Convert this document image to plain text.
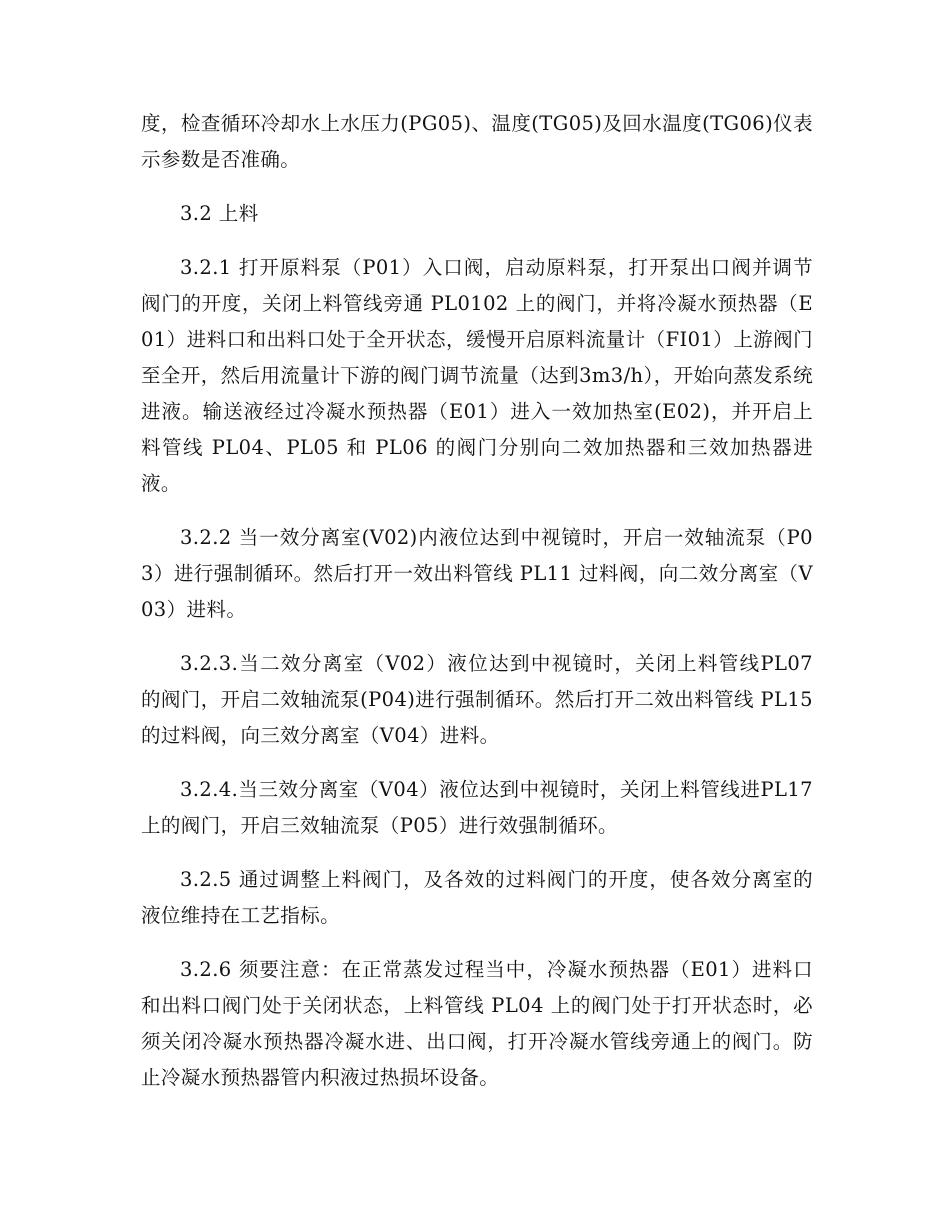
度，检查循环冷却水上水压力(PG05)、温度(TG05)及回水温度(TG06)仪表示参数是否准确。

3.2 上料

3.2.1 打开原料泵（P01）入口阀，启动原料泵，打开泵出口阀并调节阀门的开度，关闭上料管线旁通 PL0102 上的阀门，并将冷凝水预热器（E01）进料口和出料口处于全开状态，缓慢开启原料流量计（FI01）上游阀门至全开，然后用流量计下游的阀门调节流量（达到3m3/h），开始向蒸发系统进液。输送液经过冷凝水预热器（E01）进入一效加热室(E02)，并开启上料管线 PL04、PL05 和 PL06 的阀门分别向二效加热器和三效加热器进液。

3.2.2 当一效分离室(V02)内液位达到中视镜时，开启一效轴流泵（P03）进行强制循环。然后打开一效出料管线 PL11 过料阀，向二效分离室（V03）进料。

3.2.3.当二效分离室（V02）液位达到中视镜时，关闭上料管线PL07 的阀门，开启二效轴流泵(P04)进行强制循环。然后打开二效出料管线 PL15 的过料阀，向三效分离室（V04）进料。

3.2.4.当三效分离室（V04）液位达到中视镜时，关闭上料管线进PL17 上的阀门，开启三效轴流泵（P05）进行效强制循环。

3.2.5 通过调整上料阀门，及各效的过料阀门的开度，使各效分离室的液位维持在工艺指标。

3.2.6 须要注意：在正常蒸发过程当中，冷凝水预热器（E01）进料口和出料口阀门处于关闭状态，上料管线 PL04 上的阀门处于打开状态时，必须关闭冷凝水预热器冷凝水进、出口阀，打开冷凝水管线旁通上的阀门。防止冷凝水预热器管内积液过热损坏设备。
